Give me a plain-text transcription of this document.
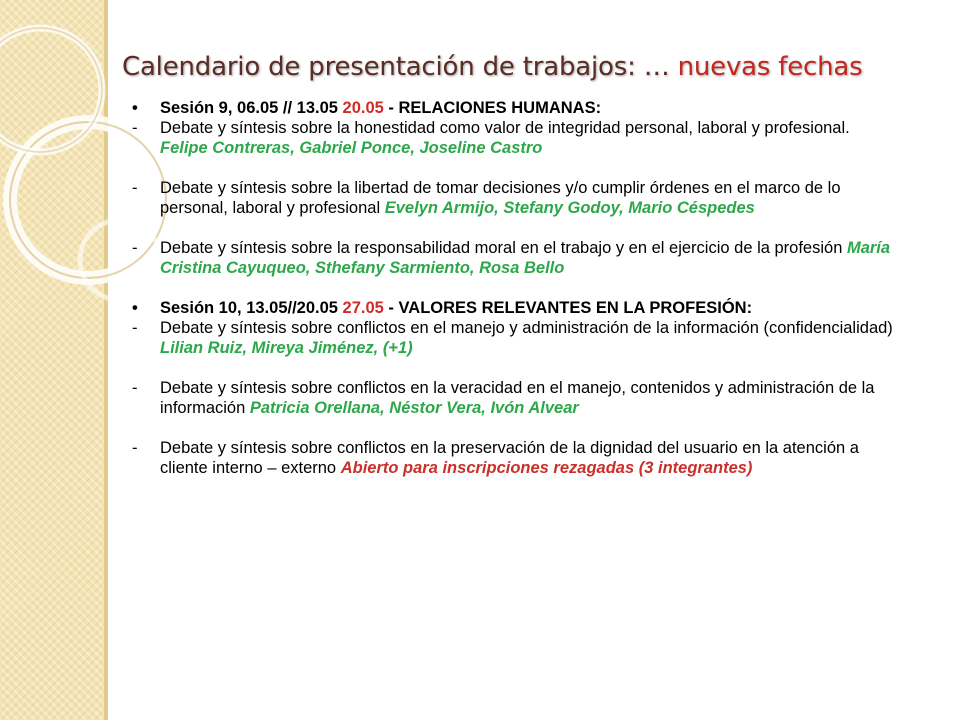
Calendario de presentación de trabajos: … nuevas fechas
• Sesión 9, 06.05 // 13.05 20.05 - RELACIONES HUMANAS:
- Debate y síntesis sobre la honestidad como valor de integridad personal, laboral y profesional. Felipe Contreras, Gabriel Ponce, Joseline Castro
- Debate y síntesis sobre la libertad de tomar decisiones y/o cumplir órdenes en el marco de lo personal, laboral y profesional Evelyn Armijo, Stefany Godoy, Mario Céspedes
- Debate y síntesis sobre la responsabilidad moral en el trabajo y en el ejercicio de la profesión María Cristina Cayuqueo, Sthefany Sarmiento, Rosa Bello
• Sesión 10, 13.05//20.05 27.05 - VALORES RELEVANTES EN LA PROFESIÓN:
- Debate y síntesis sobre conflictos en el manejo y administración de la información (confidencialidad) Lilian Ruiz, Mireya Jiménez, (+1)
- Debate y síntesis sobre conflictos en la veracidad en el manejo, contenidos y administración de la información Patricia Orellana, Néstor Vera, Ivón Alvear
- Debate y síntesis sobre conflictos en la preservación de la dignidad del usuario en la atención a cliente interno – externo Abierto para inscripciones rezagadas (3 integrantes)
